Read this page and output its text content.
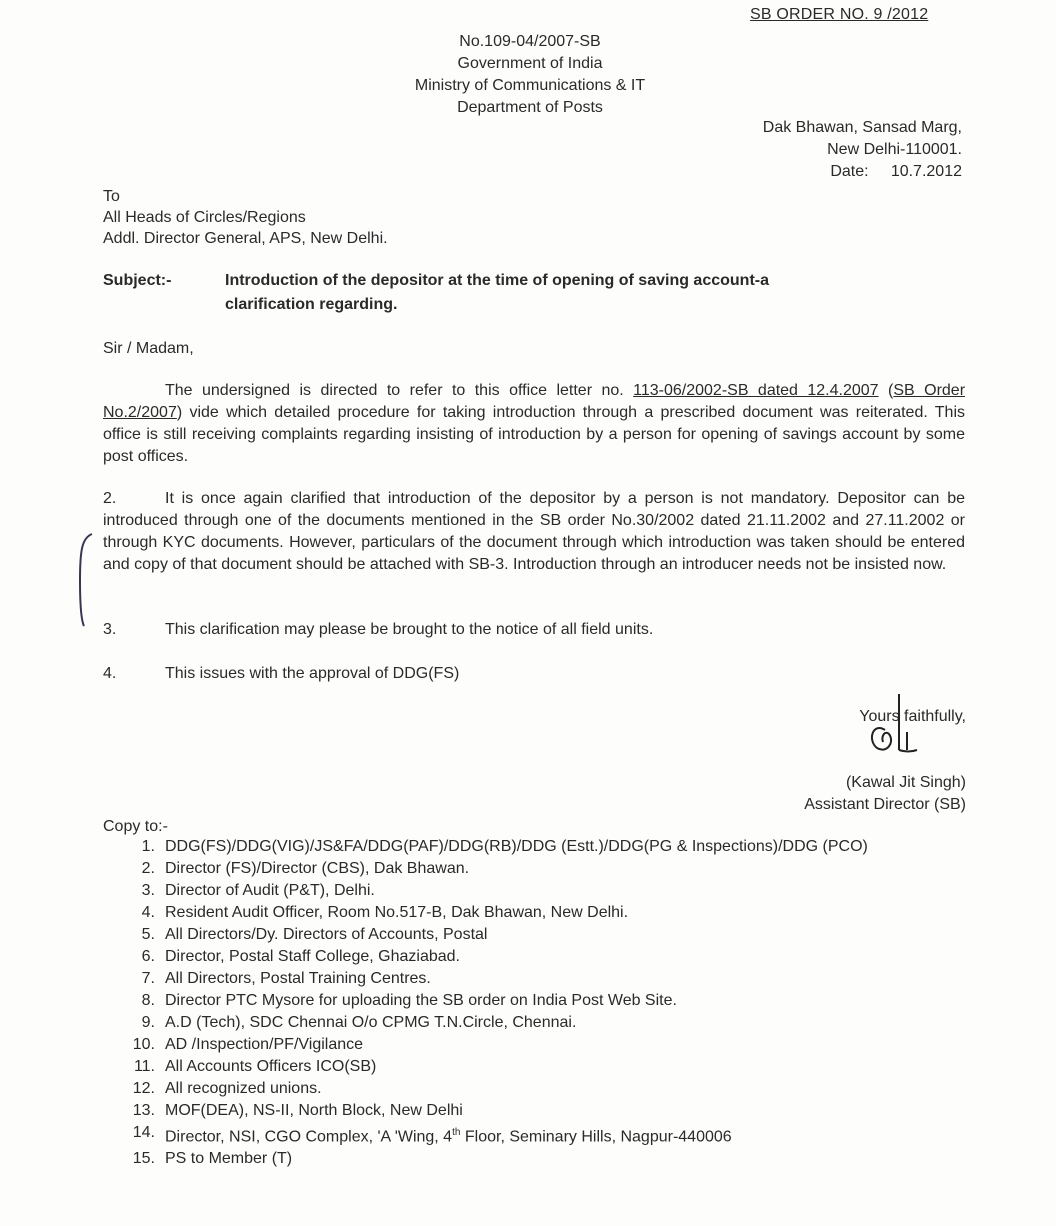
SB ORDER NO. 9 /2012
No.109-04/2007-SB
Government of India
Ministry of Communications & IT
Department of Posts
Dak Bhawan, Sansad Marg,
New Delhi-110001.
Date: 10.7.2012
To
All Heads of Circles/Regions
Addl. Director General, APS, New Delhi.
Subject:-	Introduction of the depositor at the time of opening of saving account-a
clarification regarding.
Sir / Madam,

The undersigned is directed to refer to this office letter no. 113-06/2002-SB dated 12.4.2007 (SB Order No.2/2007) vide which detailed procedure for taking introduction through a prescribed document was reiterated. This office is still receiving complaints regarding insisting of introduction by a person for opening of savings account by some post offices.

2.	It is once again clarified that introduction of the depositor by a person is not mandatory. Depositor can be introduced through one of the documents mentioned in the SB order No.30/2002 dated 21.11.2002 and 27.11.2002 or through KYC documents. However, particulars of the document through which introduction was taken should be entered and copy of that document should be attached with SB-3. Introduction through an introducer needs not be insisted now.

3.	This clarification may please be brought to the notice of all field units.
4.	This issues with the approval of DDG(FS)
Yours faithfully,
(Kawal Jit Singh)
Assistant Director (SB)
Copy to:-
1. DDG(FS)/DDG(VIG)/JS&FA/DDG(PAF)/DDG(RB)/DDG (Estt.)/DDG(PG & Inspections)/DDG (PCO)
2. Director (FS)/Director (CBS), Dak Bhawan.
3. Director of Audit (P&T), Delhi.
4. Resident Audit Officer, Room No.517-B, Dak Bhawan, New Delhi.
5. All Directors/Dy. Directors of Accounts, Postal
6. Director, Postal Staff College, Ghaziabad.
7. All Directors, Postal Training Centres.
8. Director PTC Mysore for uploading the SB order on India Post Web Site.
9. A.D (Tech), SDC Chennai O/o CPMG T.N.Circle, Chennai.
10. AD /Inspection/PF/Vigilance
11. All Accounts Officers ICO(SB)
12. All recognized unions.
13. MOF(DEA), NS-II, North Block, New Delhi
14. Director, NSI, CGO Complex, 'A 'Wing, 4th Floor, Seminary Hills, Nagpur-440006
15. PS to Member (T)
